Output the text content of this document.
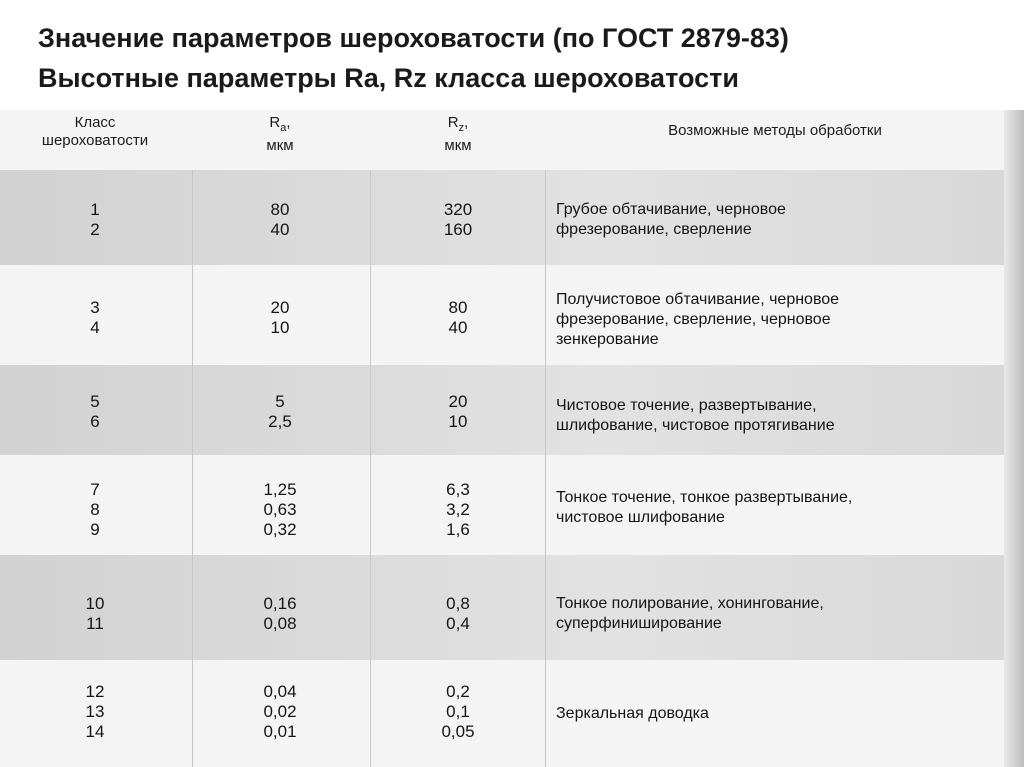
Значение параметров шероховатости (по ГОСТ 2879-83)
Высотные параметры Ra, Rz класса шероховатости
Класс
шероховатости
$R_a$,
мкм
$R_z$,
мкм
Возможные методы обработки
1
2
80
40
320
160
Грубое обтачивание, черновое
фрезерование, сверление
3
4
20
10
80
40
Получистовое обтачивание, черновое
фрезерование, сверление, черновое
зенкерование
5
6
5
2,5
20
10
Чистовое точение, развертывание,
шлифование, чистовое протягивание
7
8
9
1,25
0,63
0,32
6,3
3,2
1,6
Тонкое точение, тонкое развертывание,
чистовое шлифование
10
11
0,16
0,08
0,8
0,4
Тонкое полирование, хонингование,
суперфиниширование
12
13
14
0,04
0,02
0,01
0,2
0,1
0,05
Зеркальная доводка
